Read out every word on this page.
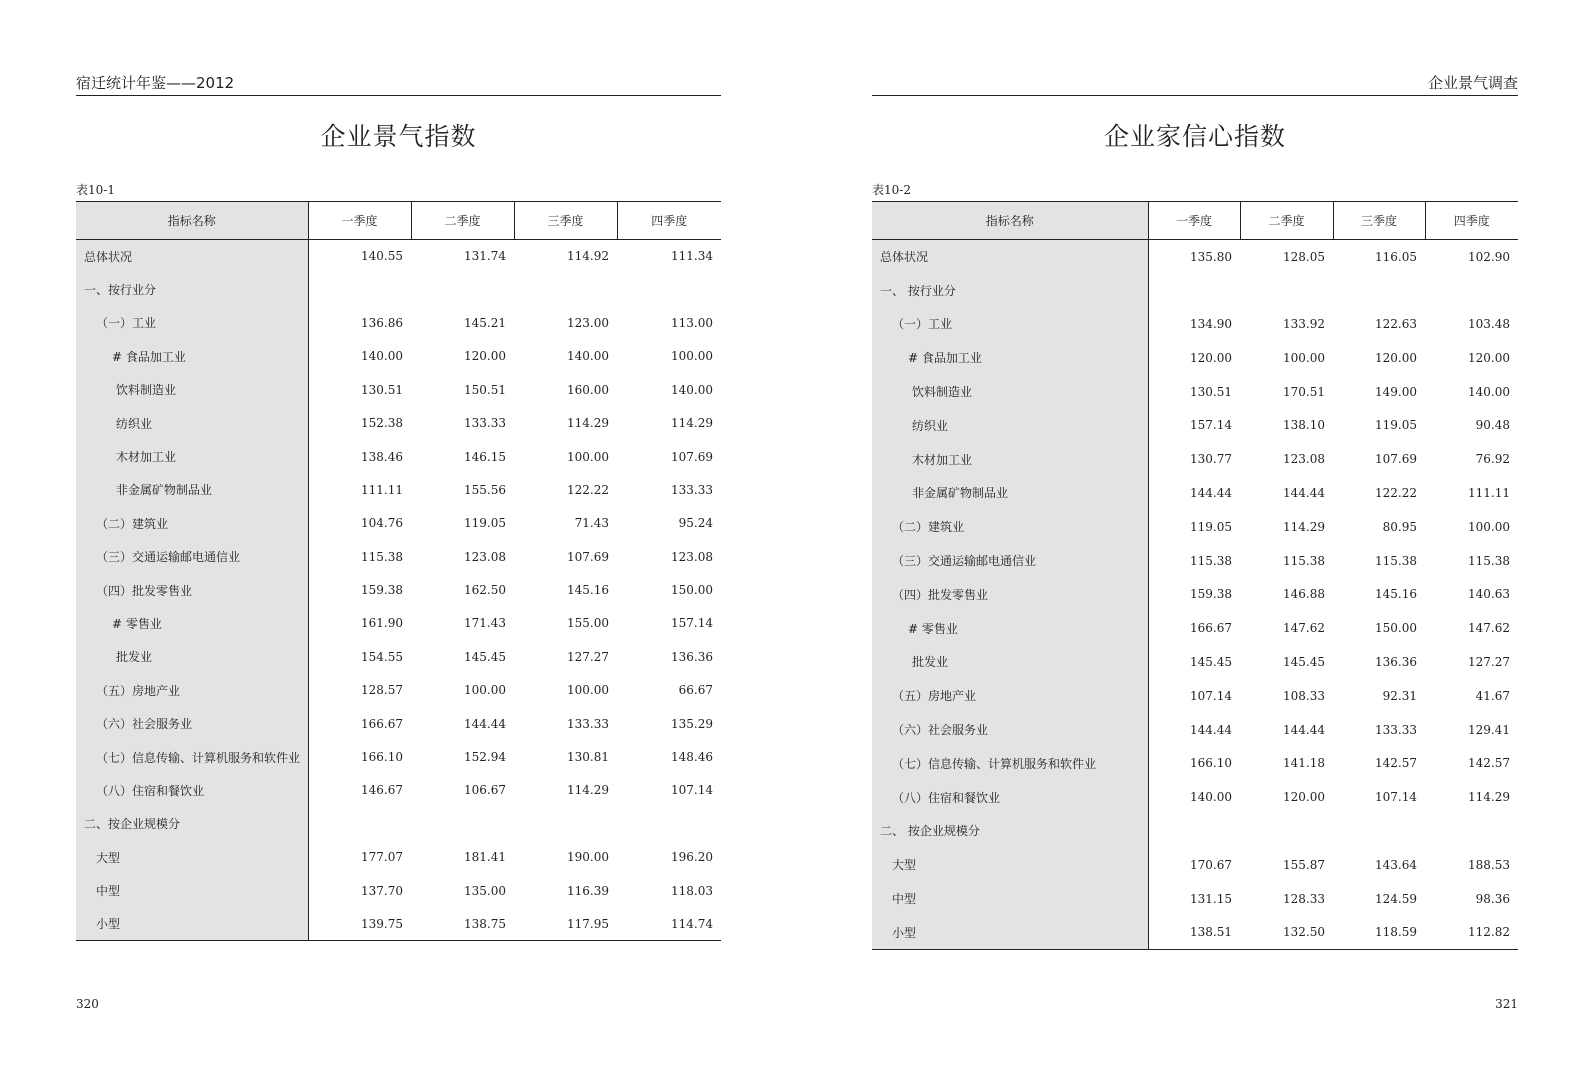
宿迁统计年鉴——2012
企业景气指数
表10-1
指标名称	一季度	二季度	三季度	四季度
总体状况	140.55	131.74	114.92	111.34
一、按行业分				
（一）工业	136.86	145.21	123.00	113.00
# 食品加工业	140.00	120.00	140.00	100.00
饮料制造业	130.51	150.51	160.00	140.00
纺织业	152.38	133.33	114.29	114.29
木材加工业	138.46	146.15	100.00	107.69
非金属矿物制品业	111.11	155.56	122.22	133.33
（二）建筑业	104.76	119.05	71.43	95.24
（三）交通运输邮电通信业	115.38	123.08	107.69	123.08
（四）批发零售业	159.38	162.50	145.16	150.00
# 零售业	161.90	171.43	155.00	157.14
批发业	154.55	145.45	127.27	136.36
（五）房地产业	128.57	100.00	100.00	66.67
（六）社会服务业	166.67	144.44	133.33	135.29
（七）信息传输、计算机服务和软件业	166.10	152.94	130.81	148.46
（八）住宿和餐饮业	146.67	106.67	114.29	107.14
二、按企业规模分				
大型	177.07	181.41	190.00	196.20
中型	137.70	135.00	116.39	118.03
小型	139.75	138.75	117.95	114.74
320
企业景气调查
企业家信心指数
表10-2
指标名称	一季度	二季度	三季度	四季度
总体状况	135.80	128.05	116.05	102.90
一、 按行业分				
（一）工业	134.90	133.92	122.63	103.48
# 食品加工业	120.00	100.00	120.00	120.00
饮料制造业	130.51	170.51	149.00	140.00
纺织业	157.14	138.10	119.05	90.48
木材加工业	130.77	123.08	107.69	76.92
非金属矿物制品业	144.44	144.44	122.22	111.11
（二）建筑业	119.05	114.29	80.95	100.00
（三）交通运输邮电通信业	115.38	115.38	115.38	115.38
（四）批发零售业	159.38	146.88	145.16	140.63
# 零售业	166.67	147.62	150.00	147.62
批发业	145.45	145.45	136.36	127.27
（五）房地产业	107.14	108.33	92.31	41.67
（六）社会服务业	144.44	144.44	133.33	129.41
（七）信息传输、计算机服务和软件业	166.10	141.18	142.57	142.57
（八）住宿和餐饮业	140.00	120.00	107.14	114.29
二、 按企业规模分				
大型	170.67	155.87	143.64	188.53
中型	131.15	128.33	124.59	98.36
小型	138.51	132.50	118.59	112.82
321
